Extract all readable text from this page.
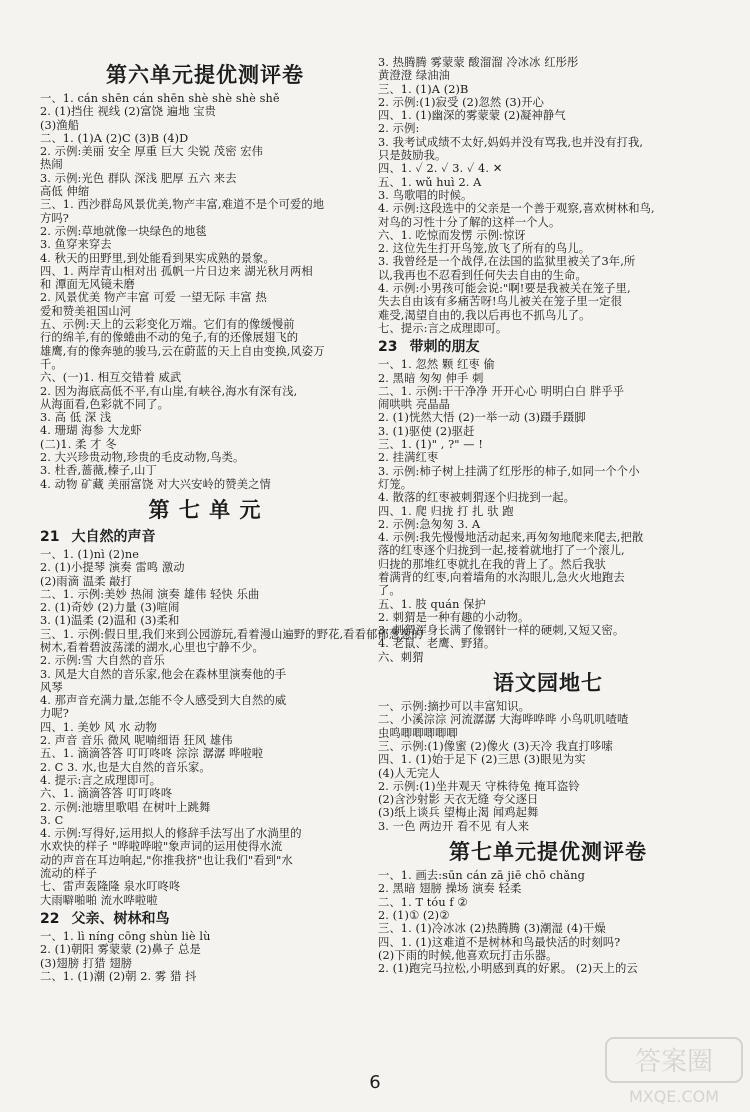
第六单元提优测评卷
一、1. cán shēn cán shēn shè shè shè shě
2. (1)挡住 视线 (2)富饶 遍地 宝贵
(3)渔船
二、1. (1)A (2)C (3)B (4)D
2. 示例:美丽 安全 厚重 巨大 尖锐 茂密 宏伟
热闹
3. 示例:光色 群队 深浅 肥厚 五六 来去
高低 伸缩
三、1. 西沙群岛风景优美,物产丰富,难道不是个可爱的地
方吗?
2. 示例:草地就像一块绿色的地毯
3. 鱼穿来穿去
4. 秋天的田野里,到处能看到果实成熟的景象。
四、1. 两岸青山相对出 孤帆一片日边来 湖光秋月两相
和 潭面无风镜未磨
2. 风景优美 物产丰富 可爱 一望无际 丰富 热
爱和赞美祖国山河
五、示例:天上的云彩变化万端。它们有的像缓慢前
行的绵羊,有的像蜷曲不动的兔子,有的还像展翅飞的
雄鹰,有的像奔驰的骏马,云在蔚蓝的天上自由变换,风姿万
千。
六、(一)1. 相互交错着 威武
2. 因为海底高低不平,有山崖,有峡谷,海水有深有浅,
从海面看,色彩就不同了。
3. 高 低 深 浅
4. 珊瑚 海参 大龙虾
(二)1. 柔 才 冬
2. 大兴珍贵动物,珍贵的毛皮动物,鸟类。
3. 杜香,蔷薇,榛子,山丁
4. 动物 矿藏 美丽富饶 对大兴安岭的赞美之情
第 七 单 元
21 大自然的声音
一、1. (1)nì (2)ne
2. (1)小提琴 演奏 雷鸣 激动
(2)雨滴 温柔 敲打
二、1. 示例:美妙 热闹 演奏 雄伟 轻快 乐曲
2. (1)奇妙 (2)力量 (3)喧闹
3. (1)温柔 (2)温和 (3)柔和
三、1. 示例:假日里,我们来到公园游玩,看着漫山遍野的野花,看看郁郁葱葱的
树木,看着碧波荡漾的湖水,心里也宁静不少。
2. 示例:雪 大自然的音乐
3. 风是大自然的音乐家,他会在森林里演奏他的手
风琴
4. 那声音充满力量,怎能不令人感受到大自然的威
力呢?
四、1. 美妙 风 水 动物
2. 声音 音乐 微风 呢喃细语 狂风 雄伟
五、1. 滴滴答答 叮叮咚咚 淙淙 潺潺 哗啦啦
2. C 3. 水,也是大自然的音乐家。
4. 提示:言之成理即可。
六、1. 滴滴答答 叮叮咚咚
2. 示例:池塘里歌唱 在树叶上跳舞
3. C
4. 示例:写得好,运用拟人的修辞手法写出了水淌里的
水欢快的样子 "哗啦哗啦"象声词的运用使得水流
动的声音在耳边响起,"你推我挤"也让我们"看到"水
流动的样子
七、雷声轰隆隆 泉水叮咚咚
大雨噼啪啪 流水哗啦啦
22 父亲、树林和鸟
一、1. lì níng cōng shùn liè lù
2. (1)朝阳 雾蒙蒙 (2)鼻子 总是
(3)翅膀 打猎 翅膀
二、1. (1)潮 (2)朝 2. 雾 猎 抖
3. 热腾腾 雾蒙蒙 酸溜溜 冷冰冰 红彤彤
黄澄澄 绿油油
三、1. (1)A (2)B
2. 示例:(1)寂受 (2)忽然 (3)开心
四、1. (1)幽深的雾蒙蒙 (2)凝神静气
2. 示例:
3. 我考试成绩不太好,妈妈并没有骂我,也并没有打我,
只是鼓励我。
四、1. ✓ 2. ✓ 3. ✓ 4. ✕
五、1. wǔ huì 2. A
3. 鸟歌唱的时候。
4. 示例:这段选中的父亲是一个善于观察,喜欢树林和鸟,
对鸟的习性十分了解的这样一个人。
六、1. 吃惊而发愣 示例:惊讶
2. 这位先生打开鸟笼,放飞了所有的鸟儿。
3. 我曾经是一个战俘,在法国的监狱里被关了3年,所
以,我再也不忍看到任何失去自由的生命。
4. 示例:小男孩可能会说:"啊!要是我被关在笼子里,
失去自由该有多痛苦呀!鸟儿被关在笼子里一定很
难受,渴望自由的,我以后再也不抓鸟儿了。
七、提示:言之成理即可。
23 带刺的朋友
一、1. 忽然 颗 红枣 偷
2. 黑暗 匆匆 伸手 刺
二、1. 示例:干干净净 开开心心 明明白白 胖乎乎
闹哄哄 亮晶晶
2. (1)恍然大悟 (2)一举一动 (3)蹑手蹑脚
3. (1)驱使 (2)驱赶
三、1. (1)" , ?" — !
2. 挂满红枣
3. 示例:柿子树上挂满了红彤彤的柿子,如同一个个小
灯笼。
4. 散落的红枣被刺猬逐个归拢到一起。
四、1. 爬 归拢 打 扎 驮 跑
2. 示例:急匆匆 3. A
4. 示例:我先慢慢地活动起来,再匆匆地爬来爬去,把散
落的红枣逐个归拢到一起,接着就地打了一个滚儿,
归拢的那堆红枣就扎在我的背上了。然后我驮
着满背的红枣,向着墙角的水沟眼儿,急火火地跑去
了。
五、1. 肢 quán 保护
2. 刺猬是一种有趣的小动物。
3. 刺猬浑身长满了像钢针一样的硬刺,又短又密。
4. 老鼠、老鹰、野猪。
六、刺猬
语文园地七
一、示例:摘抄可以丰富知识。
二、小溪淙淙 河流潺潺 大海哗哗哗 小鸟叽叽喳喳
虫鸣唧唧唧唧唧
三、示例:(1)像蜜 (2)像火 (3)天冷 我直打哆嗦
四、1. (1)始于足下 (2)三思 (3)眼见为实
(4)人无完人
2. 示例:(1)坐井观天 守株待兔 掩耳盗铃
(2)含沙射影 天衣无缝 夸父逐日
(3)纸上谈兵 望梅止渴 闻鸡起舞
3. 一色 两边开 看不见 有人来
第七单元提优测评卷
一、1. 画去:sūn cán zā jiē chō chǎng
2. 黑暗 翅膀 操场 演奏 轻柔
二、1. T tóu f ②
2. (1)① (2)②
三、1. (1)冷冰冰 (2)热腾腾 (3)潮湿 (4)干燥
四、1. (1)这难道不是树林和鸟最快活的时刻吗?
(2)下雨的时候,他喜欢玩打击乐器。
2. (1)跑完马拉松,小明感到真的好累。 (2)天上的云
6
答案圈
MXQE.COM
